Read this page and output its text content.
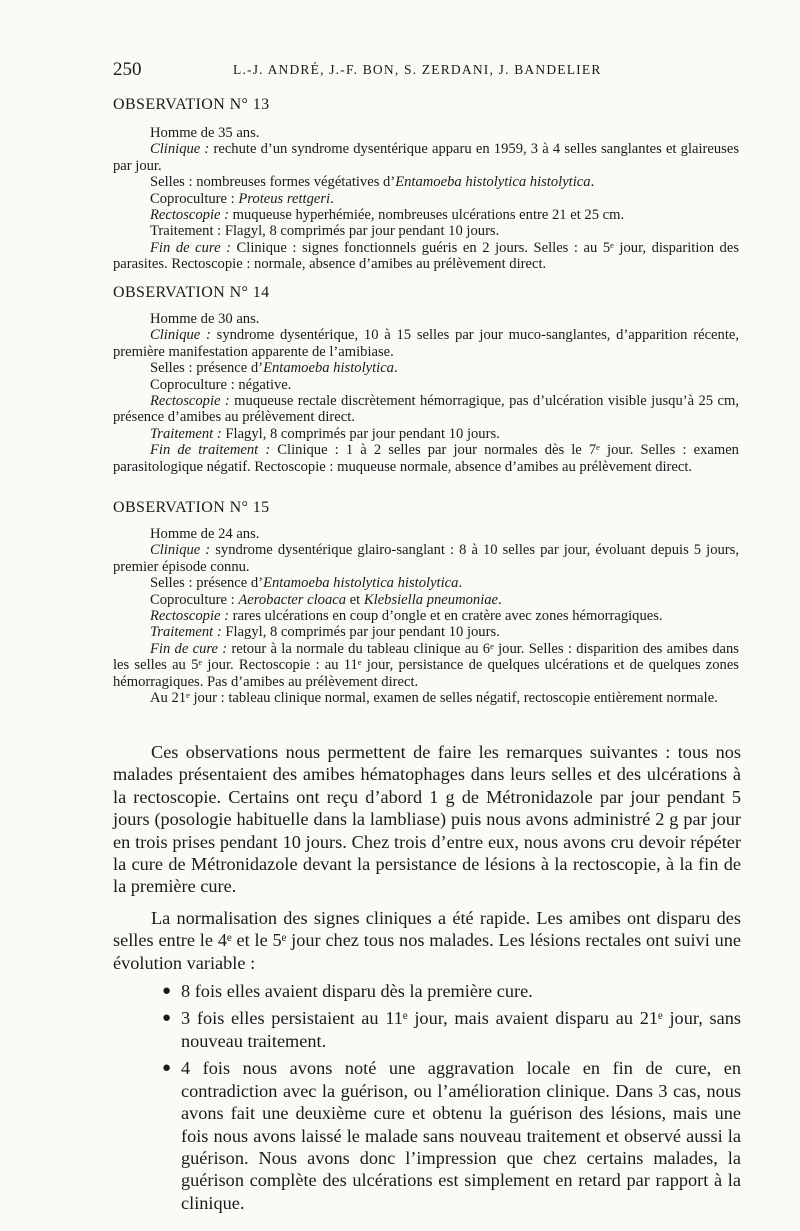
250	L.-J. ANDRÉ, J.-F. BON, S. ZERDANI, J. BANDELIER
OBSERVATION N° 13

Homme de 35 ans.

Clinique : rechute d’un syndrome dysentérique apparu en 1959, 3 à 4 selles sanglantes et glaireuses par jour.

Selles : nombreuses formes végétatives d’Entamoeba histolytica histolytica.

Coproculture : Proteus rettgeri.

Rectoscopie : muqueuse hyperhémiée, nombreuses ulcérations entre 21 et 25 cm.

Traitement : Flagyl, 8 comprimés par jour pendant 10 jours.

Fin de cure : Clinique : signes fonctionnels guéris en 2 jours. Selles : au 5ᵉ jour, disparition des parasites. Rectoscopie : normale, absence d’amibes au prélèvement direct.

OBSERVATION N° 14

Homme de 30 ans.

Clinique : syndrome dysentérique, 10 à 15 selles par jour muco-sanglantes, d’apparition récente, première manifestation apparente de l’amibiase.

Selles : présence d’Entamoeba histolytica.

Coproculture : négative.

Rectoscopie : muqueuse rectale discrètement hémorragique, pas d’ulcération visible jusqu’à 25 cm, présence d’amibes au prélèvement direct.

Traitement : Flagyl, 8 comprimés par jour pendant 10 jours.

Fin de traitement : Clinique : 1 à 2 selles par jour normales dès le 7ᵉ jour. Selles : examen parasitologique négatif. Rectoscopie : muqueuse normale, absence d’amibes au prélèvement direct.

OBSERVATION N° 15

Homme de 24 ans.

Clinique : syndrome dysentérique glairo-sanglant : 8 à 10 selles par jour, évoluant depuis 5 jours, premier épisode connu.

Selles : présence d’Entamoeba histolytica histolytica.

Coproculture : Aerobacter cloaca et Klebsiella pneumoniae.

Rectoscopie : rares ulcérations en coup d’ongle et en cratère avec zones hémorragiques.

Traitement : Flagyl, 8 comprimés par jour pendant 10 jours.

Fin de cure : retour à la normale du tableau clinique au 6ᵉ jour. Selles : disparition des amibes dans les selles au 5ᵉ jour. Rectoscopie : au 11ᵉ jour, persistance de quelques ulcérations et de quelques zones hémorragiques. Pas d’amibes au prélèvement direct.

Au 21ᵉ jour : tableau clinique normal, examen de selles négatif, rectoscopie entièrement normale.

Ces observations nous permettent de faire les remarques suivantes : tous nos malades présentaient des amibes hématophages dans leurs selles et des ulcérations à la rectoscopie. Certains ont reçu d’abord 1 g de Métronidazole par jour pendant 5 jours (posologie habituelle dans la lambliase) puis nous avons administré 2 g par jour en trois prises pendant 10 jours. Chez trois d’entre eux, nous avons cru devoir répéter la cure de Métronidazole devant la persistance de lésions à la rectoscopie, à la fin de la première cure.

La normalisation des signes cliniques a été rapide. Les amibes ont disparu des selles entre le 4ᵉ et le 5ᵉ jour chez tous nos malades. Les lésions rectales ont suivi une évolution variable :

● 8 fois elles avaient disparu dès la première cure.
● 3 fois elles persistaient au 11ᵉ jour, mais avaient disparu au 21ᵉ jour, sans nouveau traitement.
● 4 fois nous avons noté une aggravation locale en fin de cure, en contradiction avec la guérison, ou l’amélioration clinique. Dans 3 cas, nous avons fait une deuxième cure et obtenu la guérison des lésions, mais une fois nous avons laissé le malade sans nouveau traitement et observé aussi la guérison. Nous avons donc l’impression que chez certains malades, la guérison complète des ulcérations est simplement en retard par rapport à la clinique.
